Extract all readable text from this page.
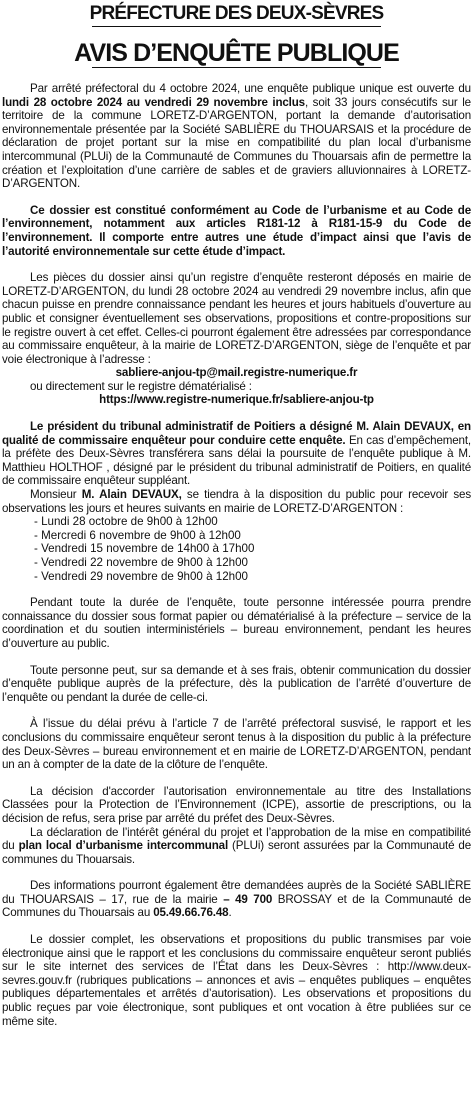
PRÉFECTURE DES DEUX-SÈVRES
AVIS D’ENQUÊTE PUBLIQUE

Par arrêté préfectoral du 4 octobre 2024, une enquête publique unique est ouverte du lundi 28 octobre 2024 au vendredi 29 novembre inclus, soit 33 jours consécutifs sur le territoire de la commune LORETZ-D’ARGENTON, portant la demande d’autorisation environnementale présentée par la Société SABLIÈRE du THOUARSAIS et la procédure de déclaration de projet portant sur la mise en compatibilité du plan local d’urbanisme intercommunal (PLUi) de la Communauté de Communes du Thouarsais afin de permettre la création et l’exploitation d’une carrière de sables et de graviers alluvionnaires à LORETZ-D’ARGENTON.

Ce dossier est constitué conformément au Code de l’urbanisme et au Code de l’environnement, notamment aux articles R181-12 à R181-15-9 du Code de l’environnement. Il comporte entre autres une étude d’impact ainsi que l’avis de l’autorité environnementale sur cette étude d’impact.

Les pièces du dossier ainsi qu’un registre d’enquête resteront déposés en mairie de LORETZ-D’ARGENTON, du lundi 28 octobre 2024 au vendredi 29 novembre inclus, afin que chacun puisse en prendre connaissance pendant les heures et jours habituels d’ouverture au public et consigner éventuellement ses observations, propositions et contre-propositions sur le registre ouvert à cet effet. Celles-ci pourront également être adressées par correspondance au commissaire enquêteur, à la mairie de LORETZ-D’ARGENTON, siège de l’enquête et par voie électronique à l’adresse :

sabliere-anjou-tp@mail.registre-numerique.fr

ou directement sur le registre dématérialisé :

https://www.registre-numerique.fr/sabliere-anjou-tp

Le président du tribunal administratif de Poitiers a désigné M. Alain DEVAUX, en qualité de commissaire enquêteur pour conduire cette enquête. En cas d’empêchement, la préfète des Deux-Sèvres transférera sans délai la poursuite de l’enquête publique à M. Matthieu HOLTHOF , désigné par le président du tribunal administratif de Poitiers, en qualité de commissaire enquêteur suppléant.

Monsieur M. Alain DEVAUX, se tiendra à la disposition du public pour recevoir ses observations les jours et heures suivants en mairie de LORETZ-D’ARGENTON :

- Lundi 28 octobre de 9h00 à 12h00
- Mercredi 6 novembre de 9h00 à 12h00
- Vendredi 15 novembre de 14h00 à 17h00
- Vendredi 22 novembre de 9h00 à 12h00
- Vendredi 29 novembre de 9h00 à 12h00

Pendant toute la durée de l’enquête, toute personne intéressée pourra prendre connaissance du dossier sous format papier ou dématérialisé à la préfecture – service de la coordination et du soutien interministériels – bureau environnement, pendant les heures d’ouverture au public.

Toute personne peut, sur sa demande et à ses frais, obtenir communication du dossier d’enquête publique auprès de la préfecture, dès la publication de l’arrêté d’ouverture de l’enquête ou pendant la durée de celle-ci.

À l’issue du délai prévu à l’article 7 de l’arrêté préfectoral susvisé, le rapport et les conclusions du commissaire enquêteur seront tenus à la disposition du public à la préfecture des Deux-Sèvres – bureau environnement et en mairie de LORETZ-D’ARGENTON, pendant un an à compter de la date de la clôture de l’enquête.

La décision d'accorder l’autorisation environnementale au titre des Installations Classées pour la Protection de l’Environnement (ICPE), assortie de prescriptions, ou la décision de refus, sera prise par arrêté du préfet des Deux-Sèvres.

La déclaration de l’intérêt général du projet et l’approbation de la mise en compatibilité du plan local d’urbanisme intercommunal (PLUi) seront assurées par la Communauté de communes du Thouarsais.

Des informations pourront également être demandées auprès de la Société SABLIÈRE du THOUARSAIS – 17, rue de la mairie – 49 700 BROSSAY et de la Communauté de Communes du Thouarsais au 05.49.66.76.48.

Le dossier complet, les observations et propositions du public transmises par voie électronique ainsi que le rapport et les conclusions du commissaire enquêteur seront publiés sur le site internet des services de l’État dans les Deux-Sèvres : http://www.deux-sevres.gouv.fr (rubriques publications – annonces et avis – enquêtes publiques – enquêtes publiques départementales et arrêtés d’autorisation). Les observations et propositions du public reçues par voie électronique, sont publiques et ont vocation à être publiées sur ce même site.
